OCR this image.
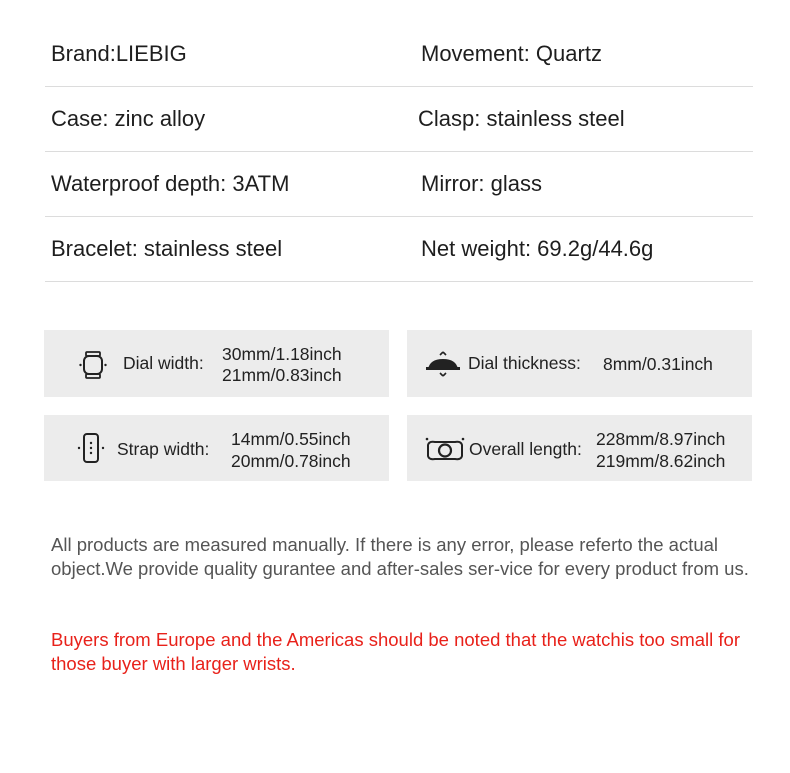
Brand:LIEBIG	Movement: Quartz
Case: zinc alloy	Clasp: stainless steel
Waterproof depth: 3ATM	Mirror: glass
Bracelet: stainless steel	Net weight: 69.2g/44.6g
Dial width: 30mm/1.18inch
21mm/0.83inch
Dial thickness: 8mm/0.31inch
Strap width: 14mm/0.55inch
20mm/0.78inch
Overall length: 228mm/8.97inch
219mm/8.62inch

All products are measured manually. If there is any error, please referto the actual object.We provide quality gurantee and after-sales ser-vice for every product from us.

Buyers from Europe and the Americas should be noted that the watchis too small for those buyer with larger wrists.
